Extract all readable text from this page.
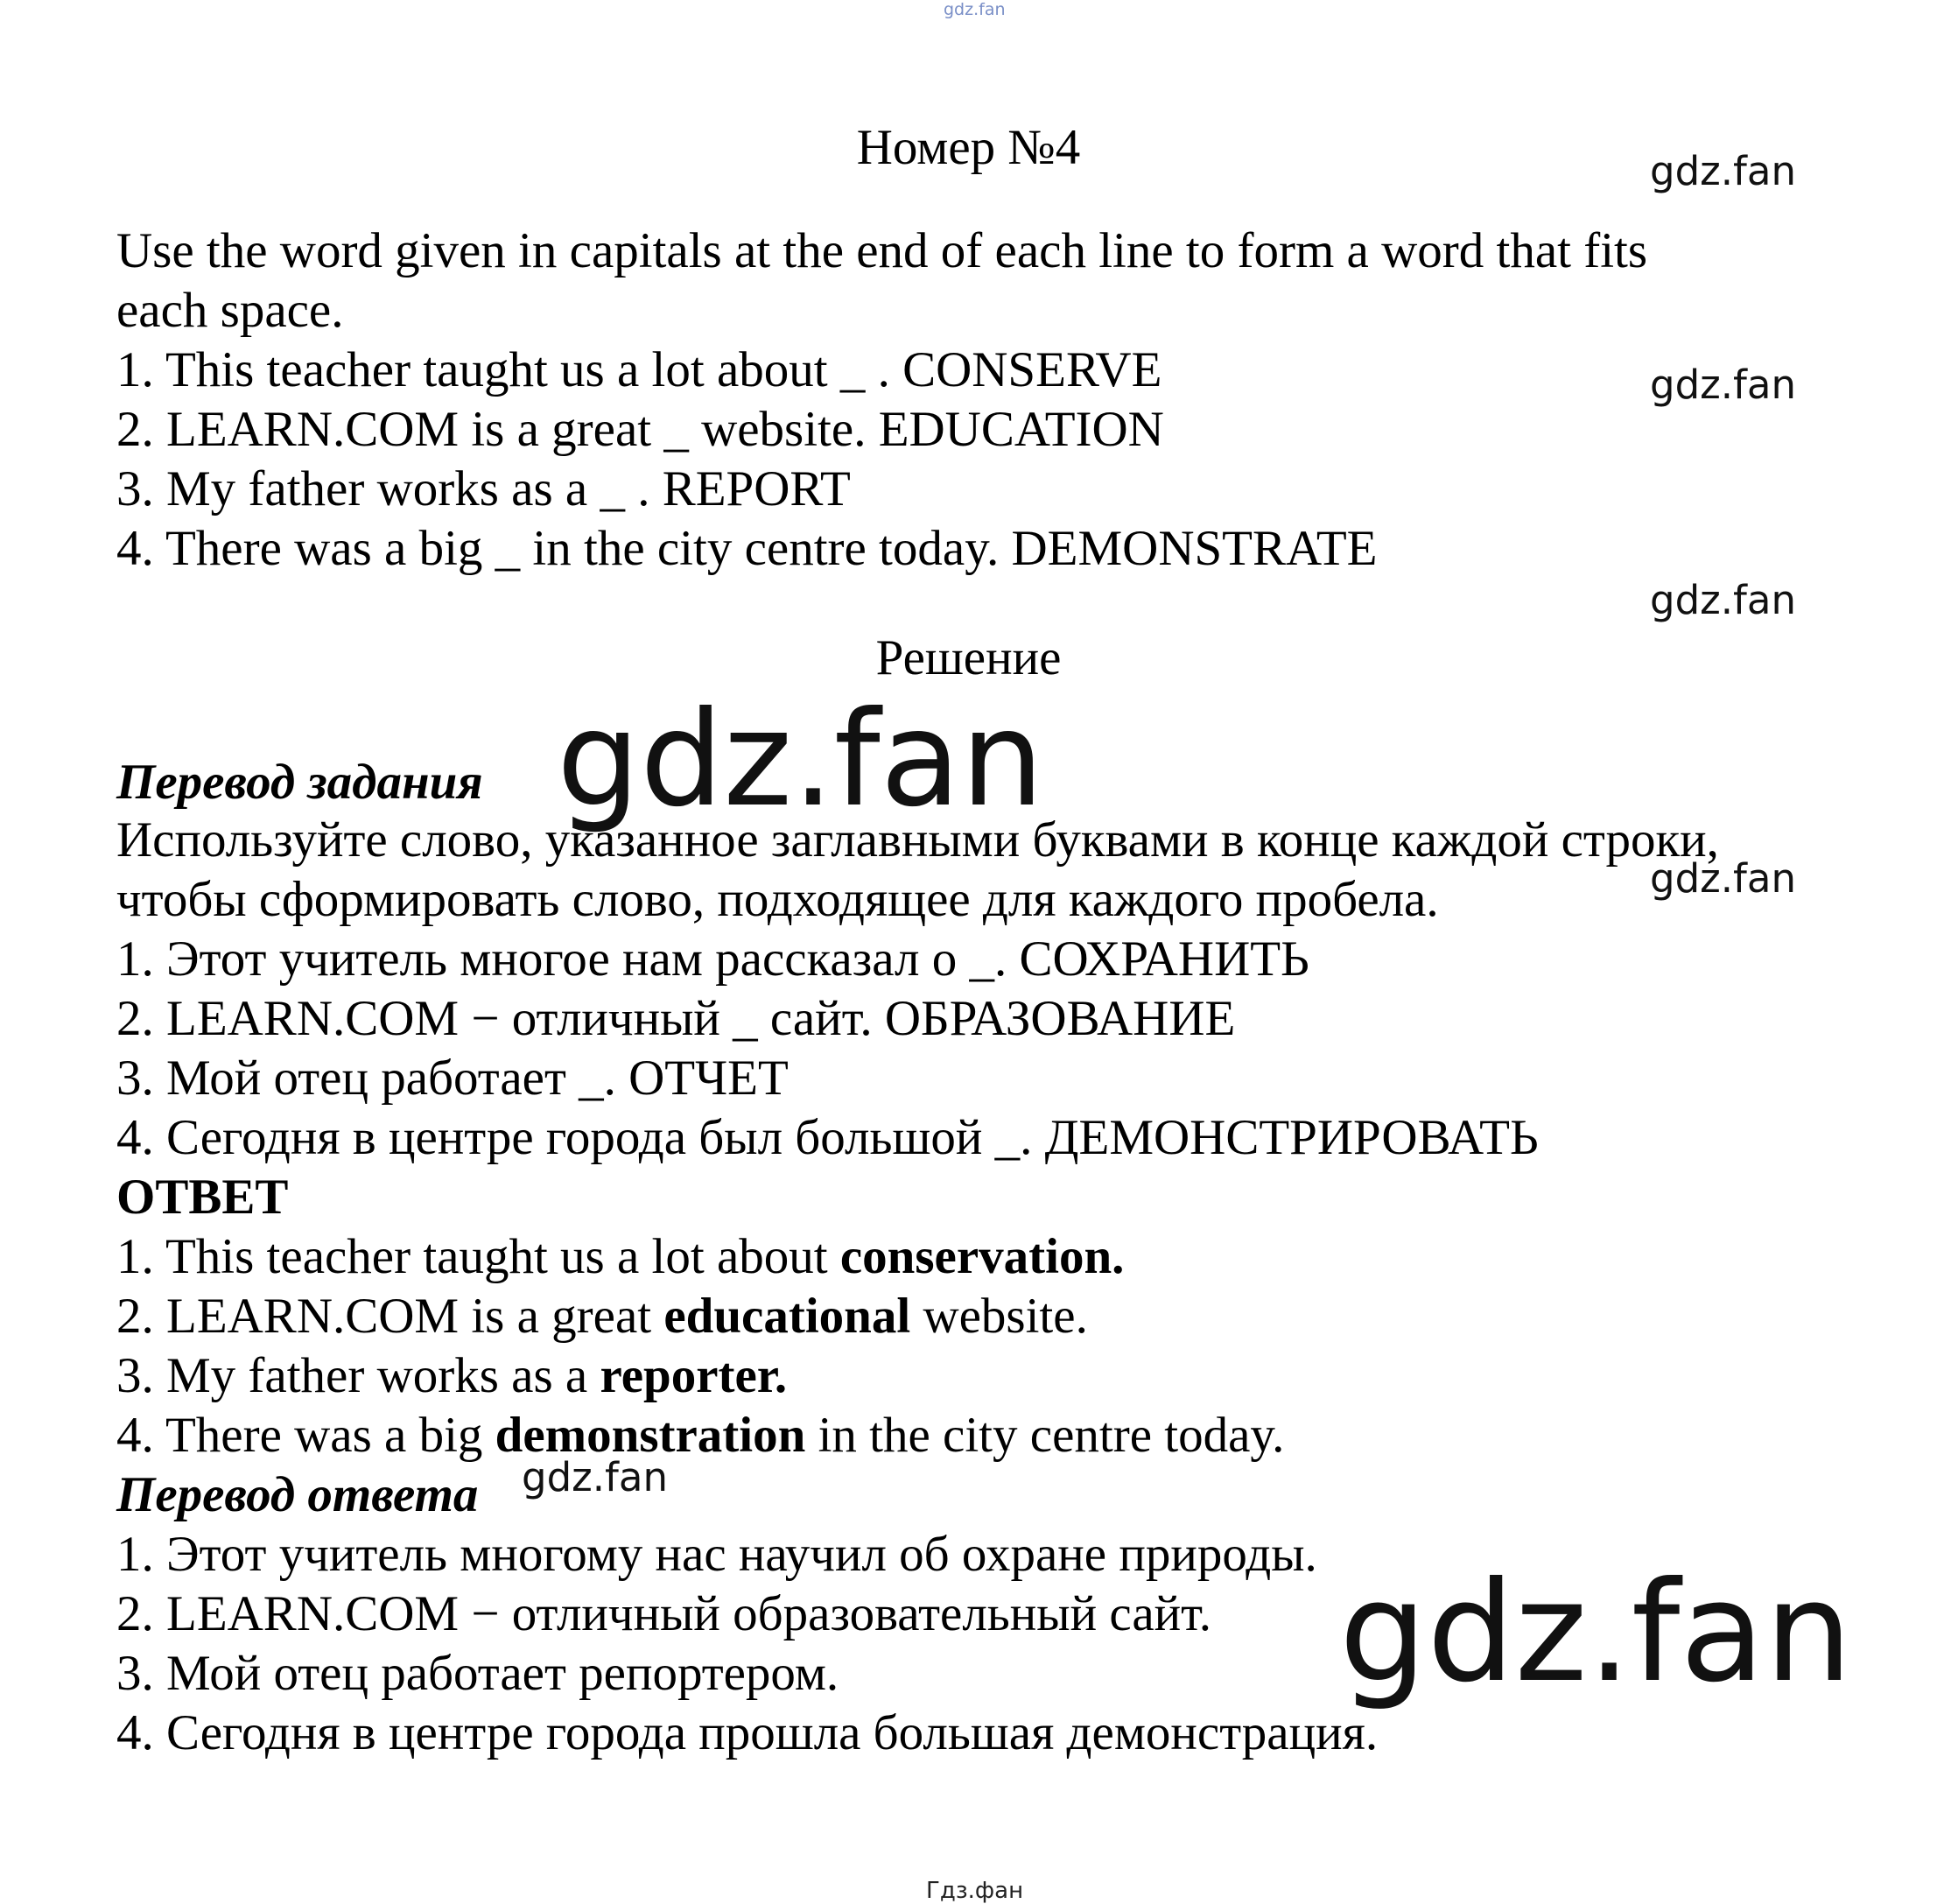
gdz.fan
Номер №4
Use the word given in capitals at the end of each line to form a word that fits
each space.
1. This teacher taught us a lot about _ . CONSERVE
2. LEARN.COM is a great _ website. EDUCATION
3. My father works as a _ . REPORT
4. There was a big _ in the city centre today. DEMONSTRATE
Решение
Перевод задания
Используйте слово, указанное заглавными буквами в конце каждой строки,
чтобы сформировать слово, подходящее для каждого пробела.
1. Этот учитель многое нам рассказал о _. СОХРАНИТЬ
2. LEARN.COM − отличный _ сайт. ОБРАЗОВАНИЕ
3. Мой отец работает _. ОТЧЕТ
4. Сегодня в центре города был большой _. ДЕМОНСТРИРОВАТЬ
ОТВЕТ
1. This teacher taught us a lot about conservation.
2. LEARN.COM is a great educational website.
3. My father works as a reporter.
4. There was a big demonstration in the city centre today.
Перевод ответа
1. Этот учитель многому нас научил об охране природы.
2. LEARN.COM − отличный образовательный сайт.
3. Мой отец работает репортером.
4. Сегодня в центре города прошла большая демонстрация.
gdz.fan
gdz.fan
gdz.fan
gdz.fan
gdz.fan
gdz.fan
gdz.fan
Гдз.фан
